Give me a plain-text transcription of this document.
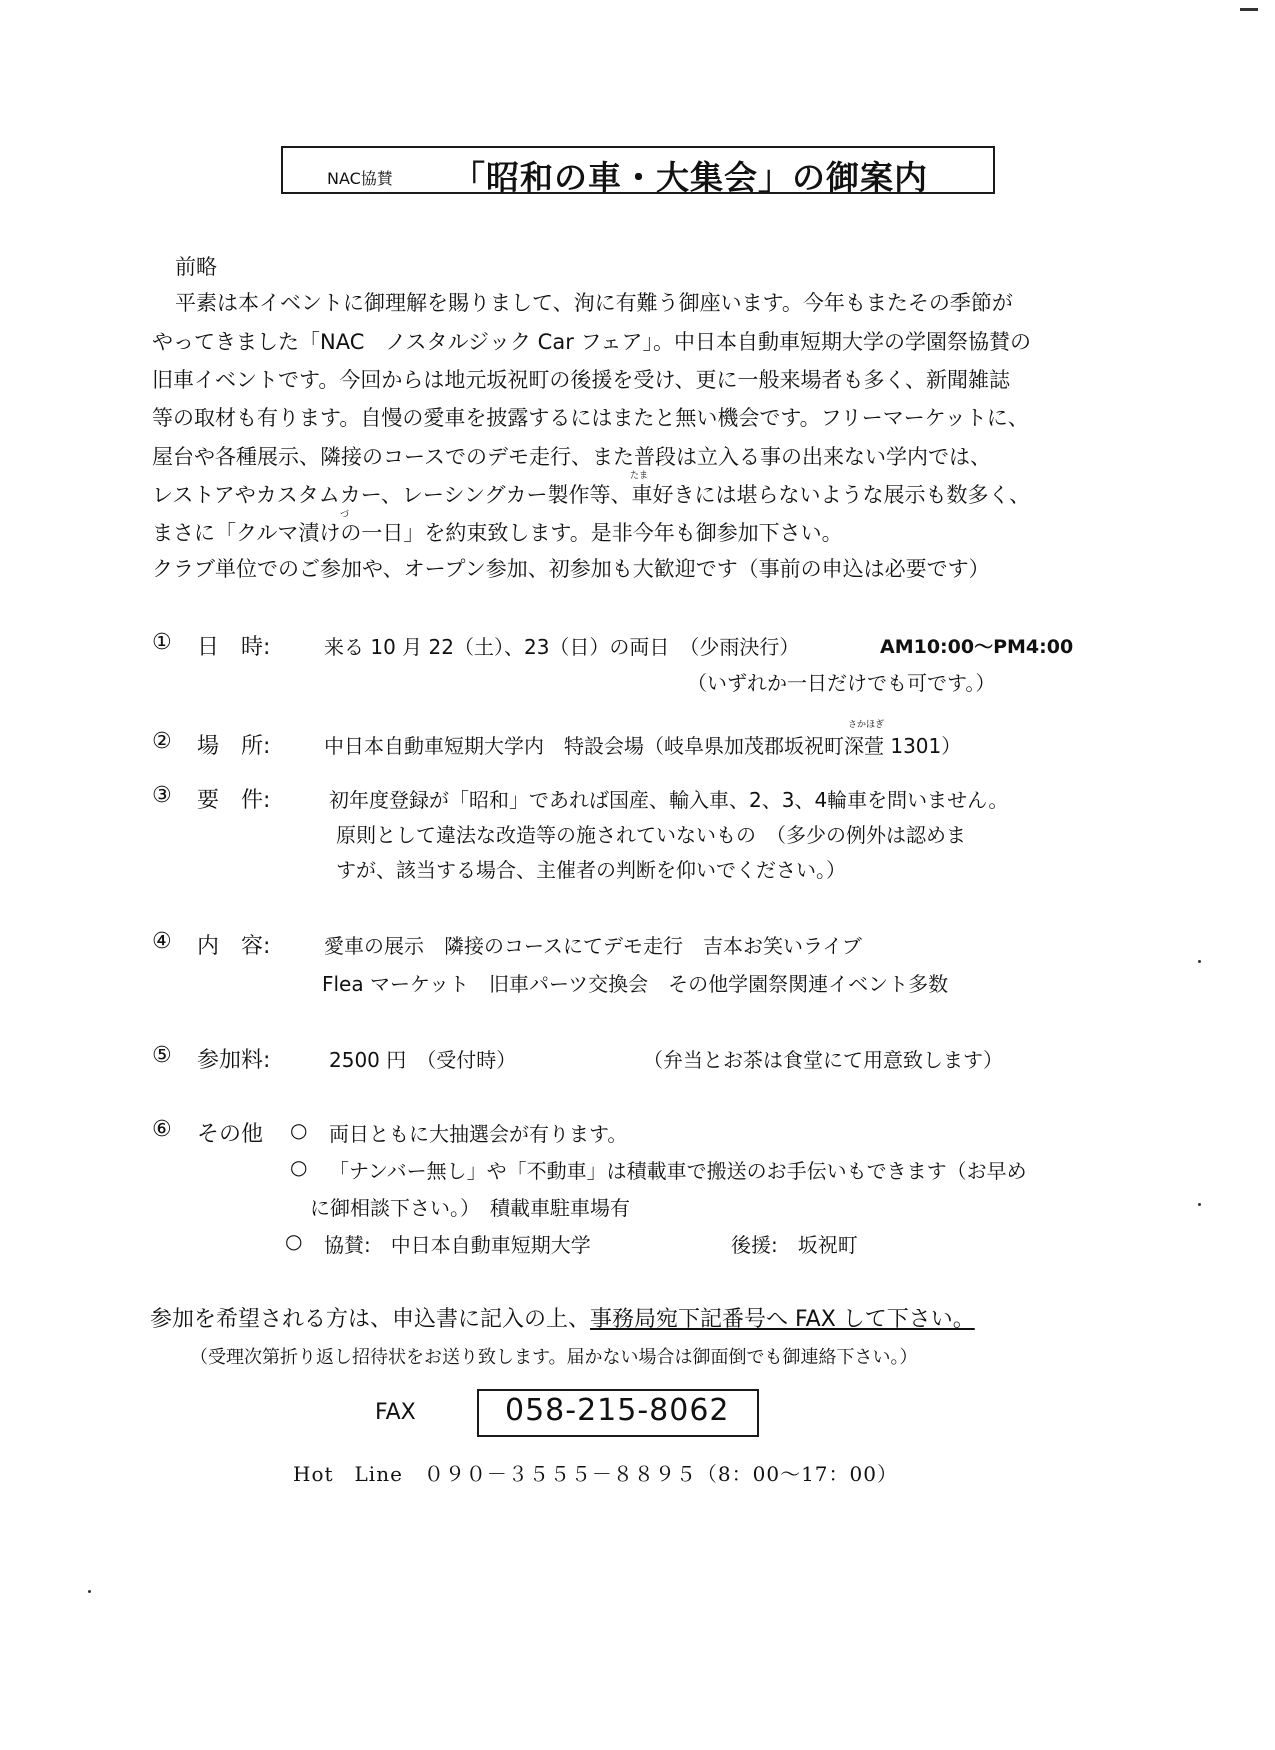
NAC協賛 「昭和の車・大集会」の御案内
前略
平素は本イベントに御理解を賜りまして、洵に有難う御座います。今年もまたその季節が
やってきました「NAC　ノスタルジック Car フェア」。中日本自動車短期大学の学園祭協賛の
旧車イベントです。今回からは地元坂祝町の後援を受け、更に一般来場者も多く、新聞雑誌
等の取材も有ります。自慢の愛車を披露するにはまたと無い機会です。フリーマーケットに、
屋台や各種展示、隣接のコースでのデモ走行、また普段は立入る事の出来ない学内では、
たま
レストアやカスタムカー、レーシングカー製作等、車好きには堪らないような展示も数多く、
づ
まさに「クルマ漬けの一日」を約束致します。是非今年も御参加下さい。
クラブ単位でのご参加や、オープン参加、初参加も大歓迎です（事前の申込は必要です）
① 日　時:	来る 10 月 22（土）、23（日）の両日　（少雨決行）	AM10:00〜PM4:00
（いずれか一日だけでも可です。）
さかほぎ
② 場　所:	中日本自動車短期大学内　特設会場（岐阜県加茂郡坂祝町深萱 1301）
③ 要　件:	初年度登録が「昭和」であれば国産、輸入車、2、3、4輪車を問いません。
原則として違法な改造等の施されていないもの　（多少の例外は認めま
すが、該当する場合、主催者の判断を仰いでください。）
④ 内　容:	愛車の展示　隣接のコースにてデモ走行　吉本お笑いライブ
Flea マーケット　旧車パーツ交換会　その他学園祭関連イベント多数
⑤ 参加料:	2500 円　（受付時）	（弁当とお茶は食堂にて用意致します）
⑥ その他 ○ 両日ともに大抽選会が有ります。
○ 「ナンバー無し」や「不動車」は積載車で搬送のお手伝いもできます（お早め
に御相談下さい。）　積載車駐車場有
○ 協賛:　中日本自動車短期大学	後援:　坂祝町
参加を希望される方は、申込書に記入の上、事務局宛下記番号へ FAX して下さい。
（受理次第折り返し招待状をお送り致します。届かない場合は御面倒でも御連絡下さい。）
FAX	058-215-8062
Hot　Line　０９０－３５５５－８８９５（8：00〜17：00）
